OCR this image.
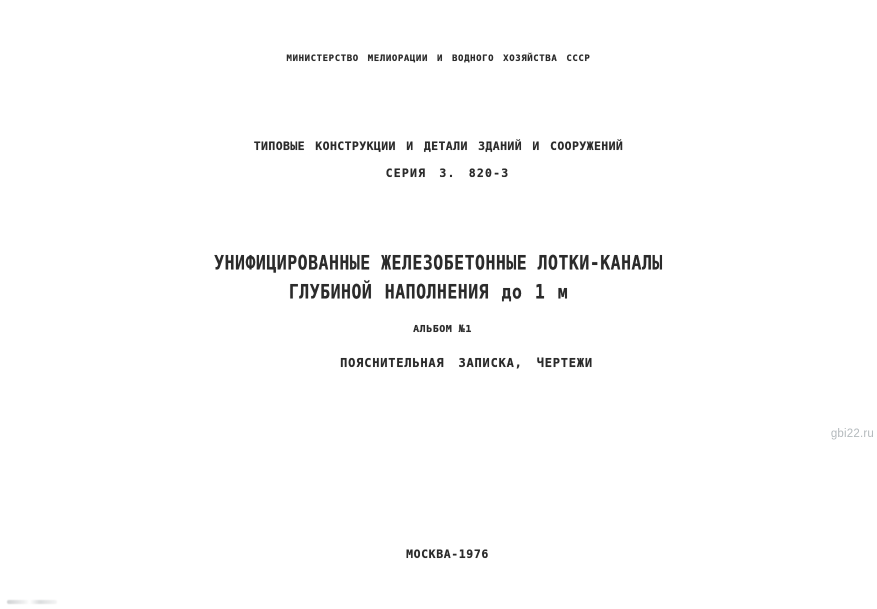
МИНИСТЕРСТВО МЕЛИОРАЦИИ И ВОДНОГО ХОЗЯЙСТВА СССР
ТИПОВЫЕ КОНСТРУКЦИИ И ДЕТАЛИ ЗДАНИЙ И СООРУЖЕНИЙ
СЕРИЯ 3. 820-3
УНИФИЦИРОВАННЫЕ ЖЕЛЕЗОБЕТОННЫЕ ЛОТКИ-КАНАЛЫ
ГЛУБИНОЙ НАПОЛНЕНИЯ до 1 м
АЛЬБОМ №1
ПОЯСНИТЕЛЬНАЯ ЗАПИСКА, ЧЕРТЕЖИ
gbi22.ru
МОСКВА-1976
